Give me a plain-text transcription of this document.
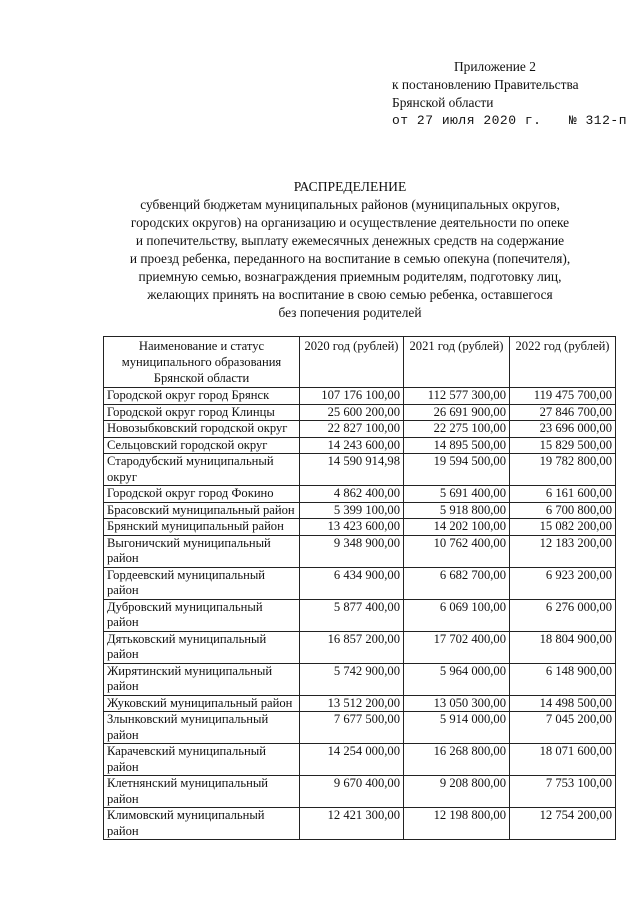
Приложение 2
к постановлению Правительства
Брянской области
от 27 июля 2020 г. № 312-п
РАСПРЕДЕЛЕНИЕ
субвенций бюджетам муниципальных районов (муниципальных округов,
городских округов) на организацию и осуществление деятельности по опеке
и попечительству, выплату ежемесячных денежных средств на содержание
и проезд ребенка, переданного на воспитание в семью опекуна (попечителя),
приемную семью, вознаграждения приемным родителям, подготовку лиц,
желающих принять на воспитание в свою семью ребенка, оставшегося
без попечения родителей
Наименование и статус муниципального образования Брянской области	2020 год (рублей)	2021 год (рублей)	2022 год (рублей)
Городской округ город Брянск	107 176 100,00	112 577 300,00	119 475 700,00
Городской округ город Клинцы	25 600 200,00	26 691 900,00	27 846 700,00
Новозыбковский городской округ	22 827 100,00	22 275 100,00	23 696 000,00
Сельцовский городской округ	14 243 600,00	14 895 500,00	15 829 500,00
Стародубский муниципальный округ	14 590 914,98	19 594 500,00	19 782 800,00
Городской округ город Фокино	4 862 400,00	5 691 400,00	6 161 600,00
Брасовский муниципальный район	5 399 100,00	5 918 800,00	6 700 800,00
Брянский муниципальный район	13 423 600,00	14 202 100,00	15 082 200,00
Выгоничский муниципальный район	9 348 900,00	10 762 400,00	12 183 200,00
Гордеевский муниципальный район	6 434 900,00	6 682 700,00	6 923 200,00
Дубровский муниципальный район	5 877 400,00	6 069 100,00	6 276 000,00
Дятьковский муниципальный район	16 857 200,00	17 702 400,00	18 804 900,00
Жирятинский муниципальный район	5 742 900,00	5 964 000,00	6 148 900,00
Жуковский муниципальный район	13 512 200,00	13 050 300,00	14 498 500,00
Злынковский муниципальный район	7 677 500,00	5 914 000,00	7 045 200,00
Карачевский муниципальный район	14 254 000,00	16 268 800,00	18 071 600,00
Клетнянский муниципальный район	9 670 400,00	9 208 800,00	7 753 100,00
Климовский муниципальный район	12 421 300,00	12 198 800,00	12 754 200,00
